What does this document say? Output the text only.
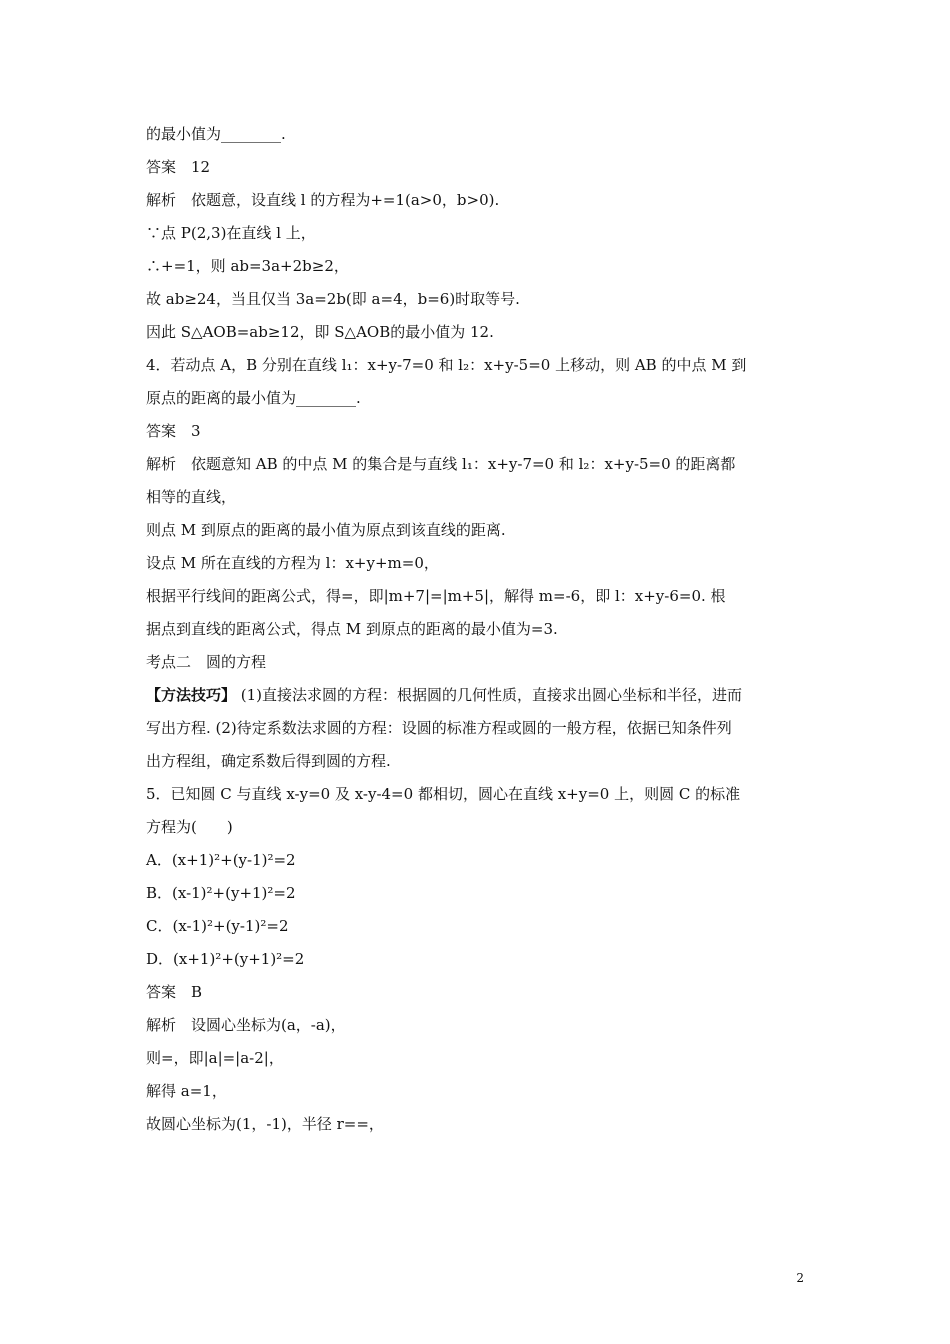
的最小值为________.
答案　12
解析　依题意，设直线 l 的方程为+=1(a>0，b>0).
∵点 P(2,3)在直线 l 上，
∴+=1，则 ab=3a+2b≥2，
故 ab≥24，当且仅当 3a=2b(即 a=4，b=6)时取等号.
因此 S△AOB=ab≥12，即 S△AOB的最小值为 12.
4．若动点 A，B 分别在直线 l₁：x+y-7=0 和 l₂：x+y-5=0 上移动，则 AB 的中点 M 到
原点的距离的最小值为________.
答案　3
解析　依题意知 AB 的中点 M 的集合是与直线 l₁：x+y-7=0 和 l₂：x+y-5=0 的距离都
相等的直线，
则点 M 到原点的距离的最小值为原点到该直线的距离.
设点 M 所在直线的方程为 l：x+y+m=0，
根据平行线间的距离公式，得=，即|m+7|=|m+5|，解得 m=-6，即 l：x+y-6=0. 根
据点到直线的距离公式，得点 M 到原点的距离的最小值为=3.
考点二　圆的方程
【方法技巧】 (1)直接法求圆的方程：根据圆的几何性质，直接求出圆心坐标和半径，进而
写出方程. (2)待定系数法求圆的方程：设圆的标准方程或圆的一般方程，依据已知条件列
出方程组，确定系数后得到圆的方程.
5．已知圆 C 与直线 x-y=0 及 x-y-4=0 都相切，圆心在直线 x+y=0 上，则圆 C 的标准
方程为(　　)
A．(x+1)²+(y-1)²=2
B．(x-1)²+(y+1)²=2
C．(x-1)²+(y-1)²=2
D．(x+1)²+(y+1)²=2
答案　B
解析　设圆心坐标为(a，-a)，
则=，即|a|=|a-2|，
解得 a=1，
故圆心坐标为(1，-1)，半径 r==，
2
